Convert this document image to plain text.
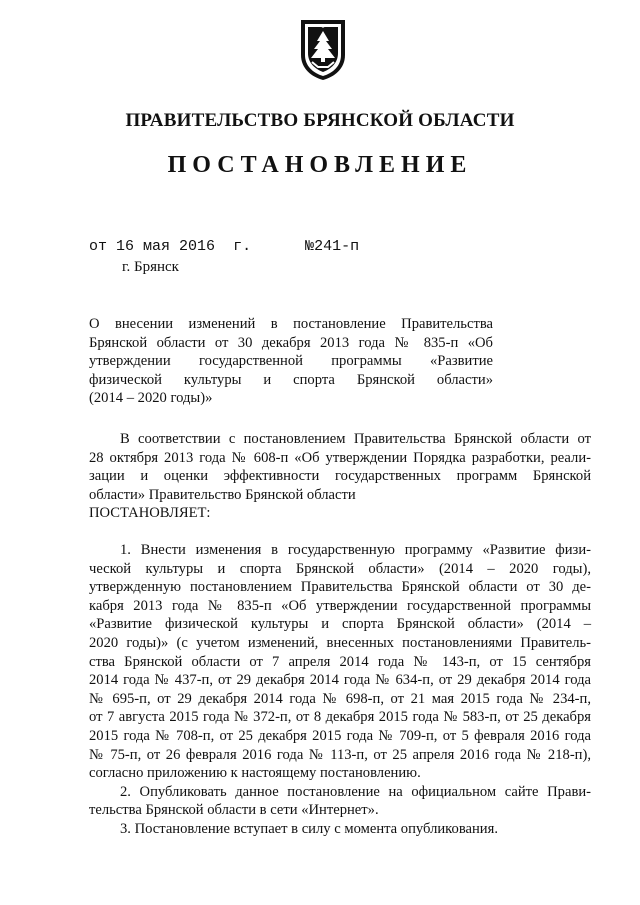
ПРАВИТЕЛЬСТВО БРЯНСКОЙ ОБЛАСТИ
ПОСТАНОВЛЕНИЕ
от 16 мая 2016 г.	№241-п
г. Брянск
О внесении изменений в постановление Правительства
Брянской области от 30 декабря 2013 года № 835-п «Об
утверждении государственной программы «Развитие
физической культуры и спорта Брянской области»
(2014 – 2020 годы)»
В соответствии с постановлением Правительства Брянской области от
28 октября 2013 года № 608-п «Об утверждении Порядка разработки, реали-
зации и оценки эффективности государственных программ Брянской
области» Правительство Брянской области
ПОСТАНОВЛЯЕТ:
1. Внести изменения в государственную программу «Развитие физи-
ческой культуры и спорта Брянской области» (2014 – 2020 годы),
утвержденную постановлением Правительства Брянской области от 30 де-
кабря 2013 года № 835-п «Об утверждении государственной программы
«Развитие физической культуры и спорта Брянской области» (2014 –
2020 годы)» (с учетом изменений, внесенных постановлениями Правитель-
ства Брянской области от 7 апреля 2014 года № 143-п, от 15 сентября
2014 года № 437-п, от 29 декабря 2014 года № 634-п, от 29 декабря 2014 года
№ 695-п, от 29 декабря 2014 года № 698-п, от 21 мая 2015 года № 234-п,
от 7 августа 2015 года № 372-п, от 8 декабря 2015 года № 583-п, от 25 декабря
2015 года № 708-п, от 25 декабря 2015 года № 709-п, от 5 февраля 2016 года
№ 75-п, от 26 февраля 2016 года № 113-п, от 25 апреля 2016 года № 218-п),
согласно приложению к настоящему постановлению.
2. Опубликовать данное постановление на официальном сайте Прави-
тельства Брянской области в сети «Интернет».
3. Постановление вступает в силу с момента опубликования.
